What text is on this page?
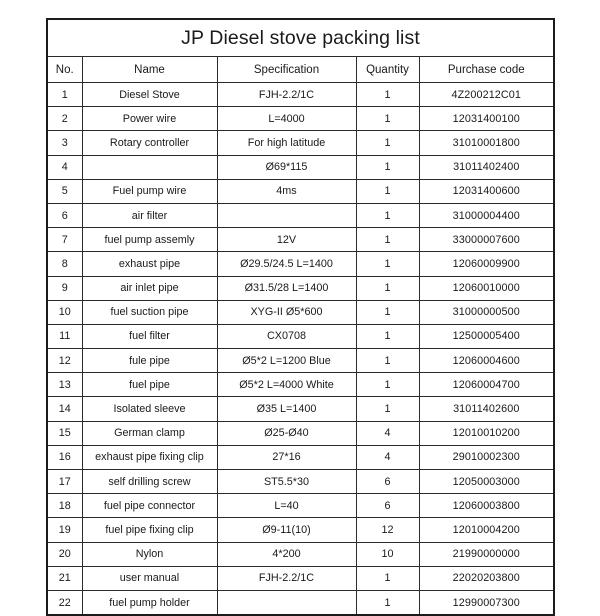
JP Diesel stove packing list				
No.	Name	Specification	Quantity	Purchase code
1	Diesel Stove	FJH-2.2/1C	1	4Z200212C01
2	Power wire	L=4000	1	12031400100
3	Rotary controller	For high latitude	1	31010001800
4		Ø69*115	1	31011402400
5	Fuel pump wire	4ms	1	12031400600
6	air filter		1	31000004400
7	fuel pump assemly	12V	1	33000007600
8	exhaust pipe	Ø29.5/24.5 L=1400	1	12060009900
9	air inlet pipe	Ø31.5/28 L=1400	1	12060010000
10	fuel suction pipe	XYG-II Ø5*600	1	31000000500
11	fuel filter	CX0708	1	12500005400
12	fule pipe	Ø5*2 L=1200 Blue	1	12060004600
13	fuel pipe	Ø5*2 L=4000 White	1	12060004700
14	Isolated sleeve	Ø35 L=1400	1	31011402600
15	German clamp	Ø25-Ø40	4	12010010200
16	exhaust pipe fixing clip	27*16	4	29010002300
17	self drilling screw	ST5.5*30	6	12050003000
18	fuel pipe connector	L=40	6	12060003800
19	fuel pipe fixing clip	Ø9-11(10)	12	12010004200
20	Nylon	4*200	10	21990000000
21	user manual	FJH-2.2/1C	1	22020203800
22	fuel pump holder		1	12990007300
